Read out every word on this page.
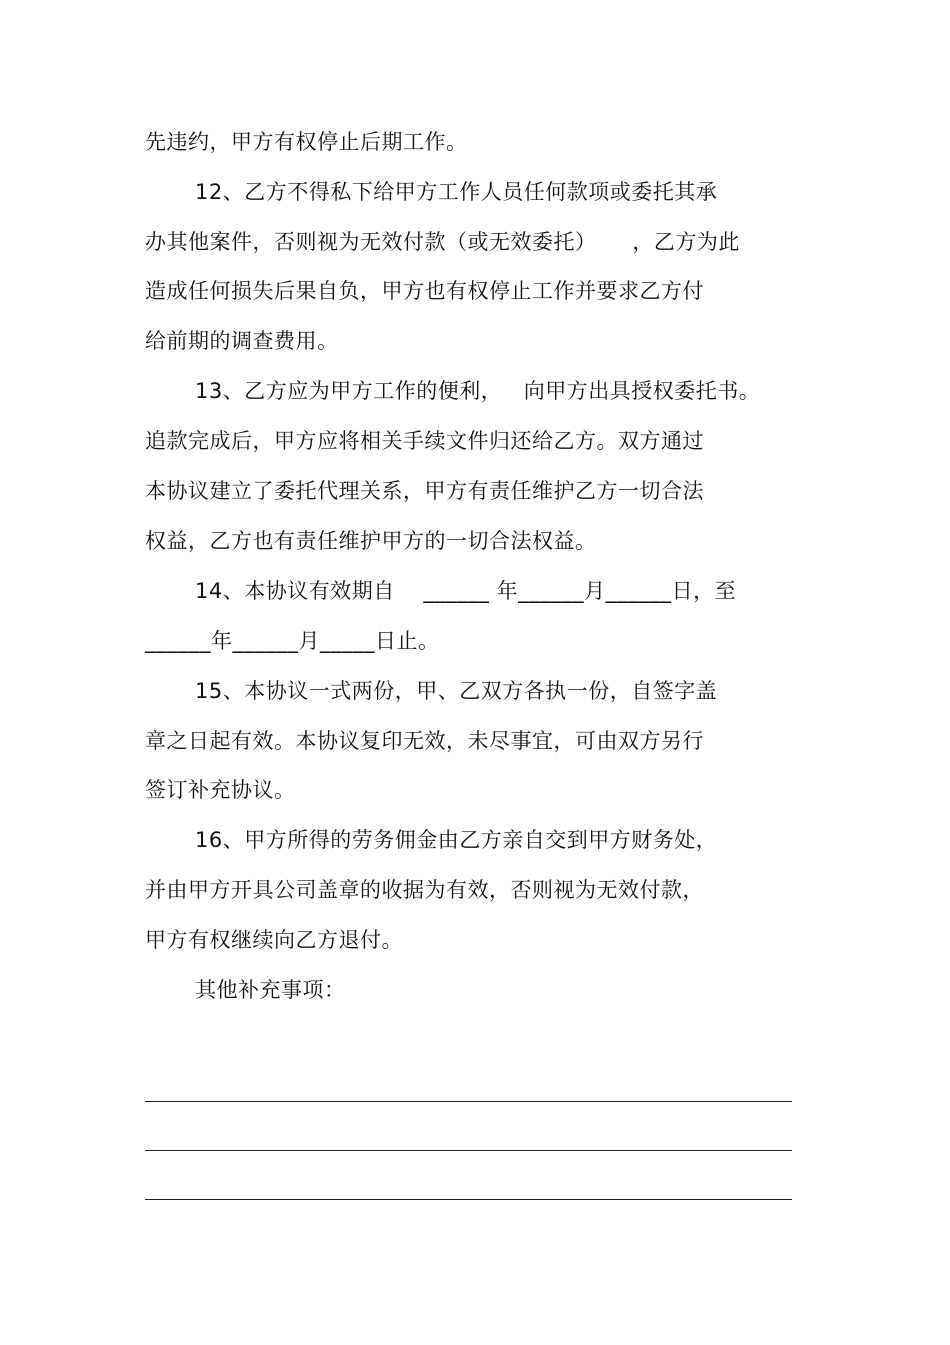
先违约，甲方有权停止后期工作。
12、乙方不得私下给甲方工作人员任何款项或委托其承
办其他案件，否则视为无效付款（或无效委托）     ，乙方为此
造成任何损失后果自负，甲方也有权停止工作并要求乙方付
给前期的调查费用。
13、乙方应为甲方工作的便利，   向甲方出具授权委托书。
追款完成后，甲方应将相关手续文件归还给乙方。双方通过
本协议建立了委托代理关系，甲方有责任维护乙方一切合法
权益，乙方也有责任维护甲方的一切合法权益。
14、本协议有效期自    ______ 年______月______日，至
______年______月_____日止。
15、本协议一式两份，甲、乙双方各执一份，自签字盖
章之日起有效。本协议复印无效，未尽事宜，可由双方另行
签订补充协议。
16、甲方所得的劳务佣金由乙方亲自交到甲方财务处，
并由甲方开具公司盖章的收据为有效，否则视为无效付款，
甲方有权继续向乙方退付。
其他补充事项：
